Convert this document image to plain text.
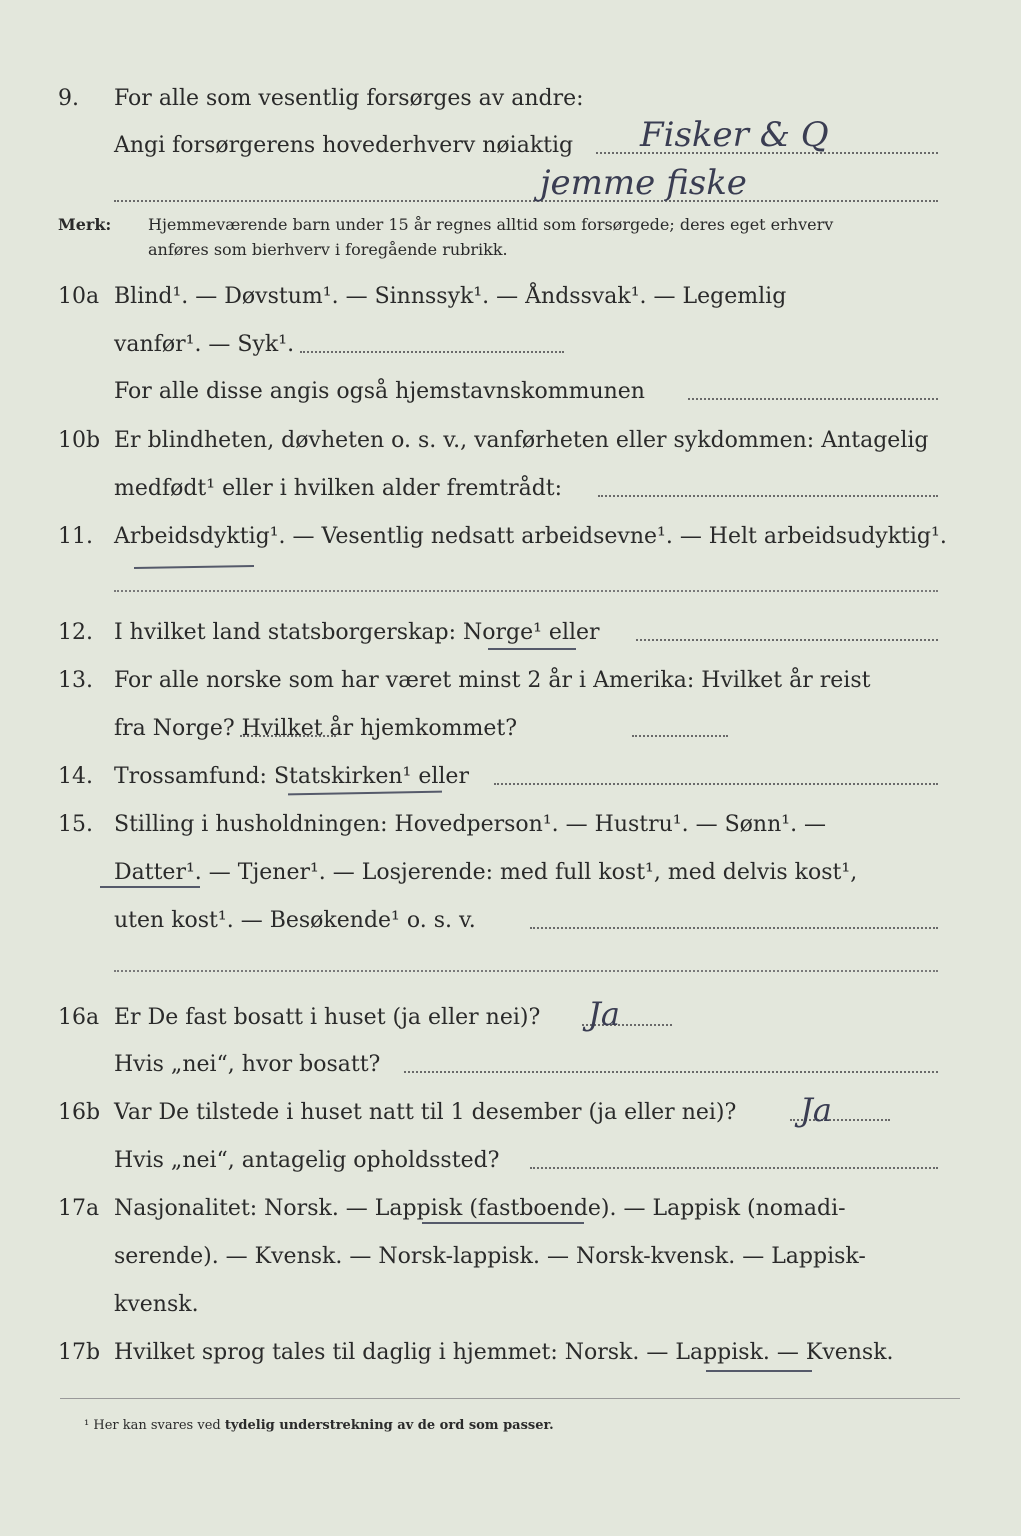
9. For alle som vesentlig forsørges av andre:
Angi forsørgerens hovederhverv nøiaktig Fisker & Q
jemme fiske
Merk: Hjemmeværende barn under 15 år regnes alltid som forsørgede; deres eget erhverv
anføres som bierhverv i foregående rubrikk.
10a Blind¹. — Døvstum¹. — Sinnssyk¹. — Åndssvak¹. — Legemlig
vanfør¹. — Syk¹.
For alle disse angis også hjemstavnskommunen
10b Er blindheten, døvheten o. s. v., vanførheten eller sykdommen: Antagelig
medfødt¹ eller i hvilken alder fremtrådt:
11. Arbeidsdyktig¹. — Vesentlig nedsatt arbeidsevne¹. — Helt arbeidsudyktig¹.
12. I hvilket land statsborgerskap: Norge¹ eller
13. For alle norske som har været minst 2 år i Amerika: Hvilket år reist
fra Norge? Hvilket år hjemkommet?
14. Trossamfund: Statskirken¹ eller
15. Stilling i husholdningen: Hovedperson¹. — Hustru¹. — Sønn¹. —
Datter¹. — Tjener¹. — Losjerende: med full kost¹, med delvis kost¹,
uten kost¹. — Besøkende¹ o. s. v.
16a Er De fast bosatt i huset (ja eller nei)? Ja
Hvis „nei“, hvor bosatt?
16b Var De tilstede i huset natt til 1 desember (ja eller nei)? Ja
Hvis „nei“, antagelig opholdssted?
17a Nasjonalitet: Norsk. — Lappisk (fastboende). — Lappisk (nomadi-
serende). — Kvensk. — Norsk-lappisk. — Norsk-kvensk. — Lappisk-
kvensk.
17b Hvilket sprog tales til daglig i hjemmet: Norsk. — Lappisk. — Kvensk.
¹ Her kan svares ved tydelig understrekning av de ord som passer.
